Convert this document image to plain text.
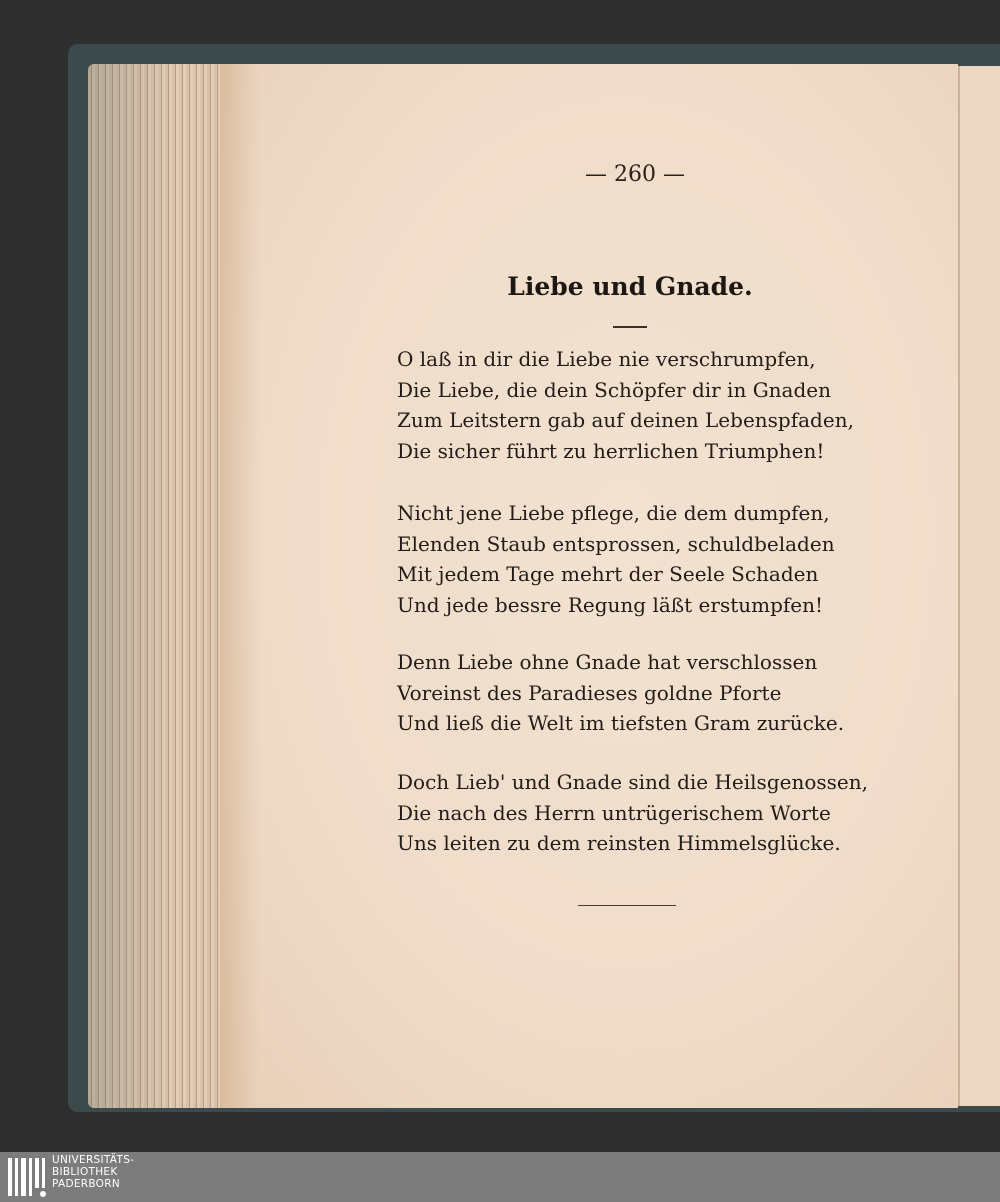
— 260 —
Liebe und Gnade.
O laß in dir die Liebe nie verschrumpfen,
Die Liebe, die dein Schöpfer dir in Gnaden
Zum Leitstern gab auf deinen Lebenspfaden,
Die sicher führt zu herrlichen Triumphen!
Nicht jene Liebe pflege, die dem dumpfen,
Elenden Staub entsprossen, schuldbeladen
Mit jedem Tage mehrt der Seele Schaden
Und jede bessre Regung läßt erstumpfen!
Denn Liebe ohne Gnade hat verschlossen
Voreinst des Paradieses goldne Pforte
Und ließ die Welt im tiefsten Gram zurücke.
Doch Lieb' und Gnade sind die Heilsgenossen,
Die nach des Herrn untrügerischem Worte
Uns leiten zu dem reinsten Himmelsglücke.
UNIVERSITÄTS-
BIBLIOTHEK
PADERBORN
